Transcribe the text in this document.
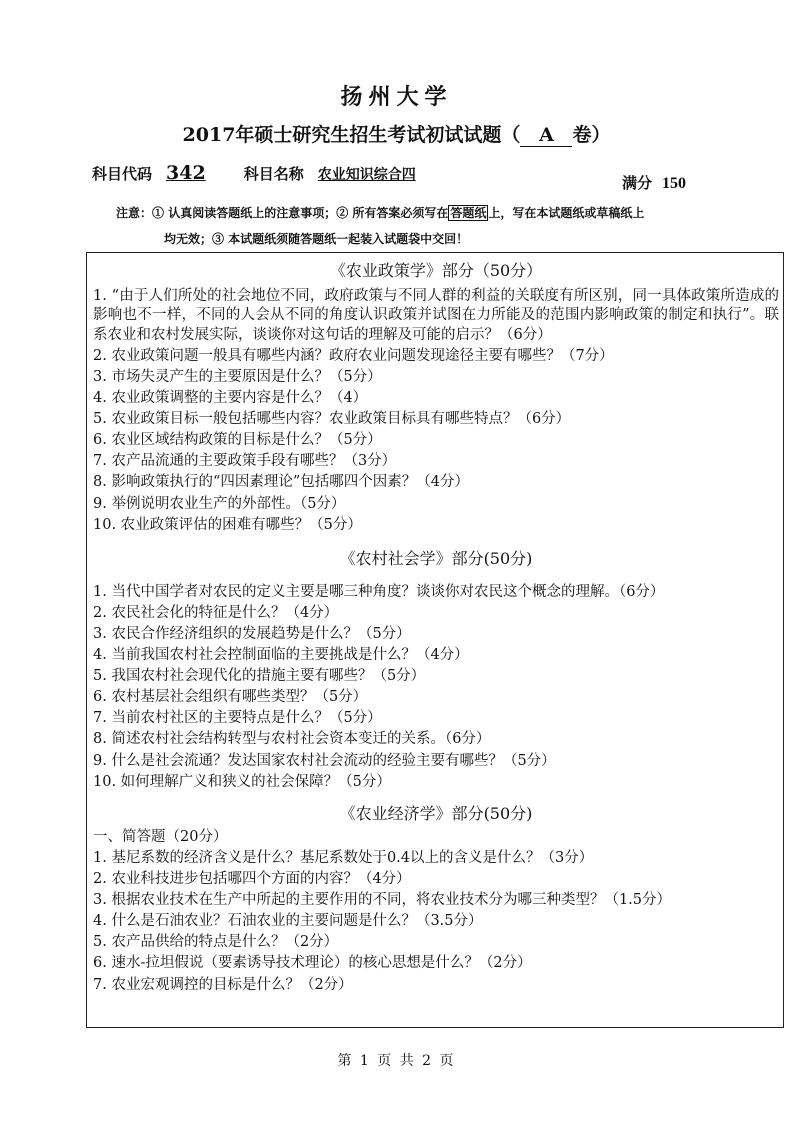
扬州大学
2017年硕士研究生招生考试初试试题（ A 卷）
科目代码 342	科目名称 农业知识综合四	满分 150
注意：① 认真阅读答题纸上的注意事项；② 所有答案必须写在 答题纸 上，写在本试题纸或草稿纸上
均无效；③ 本试题纸须随答题纸一起装入试题袋中交回！
《农业政策学》部分（50分）
1. “由于人们所处的社会地位不同，政府政策与不同人群的利益的关联度有所区别，同一具体政策所造成的影响也不一样，不同的人会从不同的角度认识政策并试图在力所能及的范围内影响政策的制定和执行”。联系农业和农村发展实际，谈谈你对这句话的理解及可能的启示？（6分）
2. 农业政策问题一般具有哪些内涵？政府农业问题发现途径主要有哪些？（7分）
3. 市场失灵产生的主要原因是什么？（5分）
4. 农业政策调整的主要内容是什么？（4）
5. 农业政策目标一般包括哪些内容？农业政策目标具有哪些特点？（6分）
6. 农业区域结构政策的目标是什么？（5分）
7. 农产品流通的主要政策手段有哪些？（3分）
8. 影响政策执行的“四因素理论”包括哪四个因素？（4分）
9. 举例说明农业生产的外部性。（5分）
10. 农业政策评估的困难有哪些？（5分）
《农村社会学》部分(50分)
1. 当代中国学者对农民的定义主要是哪三种角度？谈谈你对农民这个概念的理解。（6分）
2. 农民社会化的特征是什么？（4分）
3. 农民合作经济组织的发展趋势是什么？（5分）
4. 当前我国农村社会控制面临的主要挑战是什么？（4分）
5. 我国农村社会现代化的措施主要有哪些？（5分）
6. 农村基层社会组织有哪些类型？（5分）
7. 当前农村社区的主要特点是什么？（5分）
8. 简述农村社会结构转型与农村社会资本变迁的关系。（6分）
9. 什么是社会流通？发达国家农村社会流动的经验主要有哪些？（5分）
10. 如何理解广义和狭义的社会保障？（5分）
《农业经济学》部分(50分)
一、简答题（20分）
1. 基尼系数的经济含义是什么？基尼系数处于0.4以上的含义是什么？（3分）
2. 农业科技进步包括哪四个方面的内容？（4分）
3. 根据农业技术在生产中所起的主要作用的不同，将农业技术分为哪三种类型？（1.5分）
4. 什么是石油农业？石油农业的主要问题是什么？（3.5分）
5. 农产品供给的特点是什么？（2分）
6. 速水-拉坦假说（要素诱导技术理论）的核心思想是什么？（2分）
7. 农业宏观调控的目标是什么？（2分）
第 1 页 共 2 页
